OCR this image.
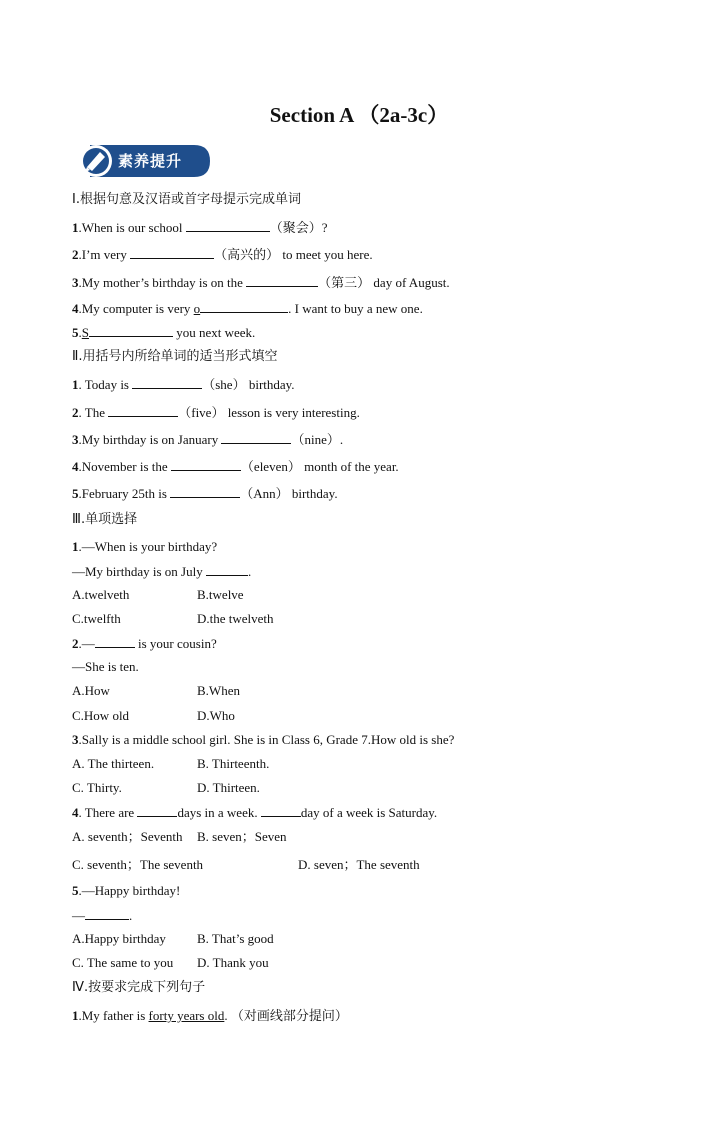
Section A （2a-3c）
素养提升
Ⅰ.根据句意及汉语或首字母提示完成单词
1.When is our school	（聚会）?
2.I’m very	（高兴的） to meet you here.
3.My mother’s birthday is on the	（第三） day of August.
4.My computer is very o	. I want to buy a new one.
5.S	you next week.
Ⅱ.用括号内所给单词的适当形式填空
1. Today is	（she） birthday.
2. The	（five） lesson is very interesting.
3.My birthday is on January	（nine）.
4.November is the	（eleven） month of the year.
5.February 25th is	（Ann） birthday.
Ⅲ.单项选择
1.—When is your birthday?
—My birthday is on July	.
A.twelveth	B.twelve
C.twelfth	D.the twelveth
2.—	is your cousin?
—She is ten.
A.How	B.When
C.How old	D.Who
3.Sally is a middle school girl. She is in Class 6, Grade 7.How old is she?
A. The thirteen.	B. Thirteenth.
C. Thirty.	D. Thirteen.
4. There are	days in a week.	day of a week is Saturday.
A. seventh；Seventh B. seven；Seven
C. seventh；The seventh	D. seven；The seventh
5.—Happy birthday!
—	.
A.Happy birthday B. That’s good
C. The same to you D. Thank you
Ⅳ.按要求完成下列句子
1.My father is forty years old. （对画线部分提问）
